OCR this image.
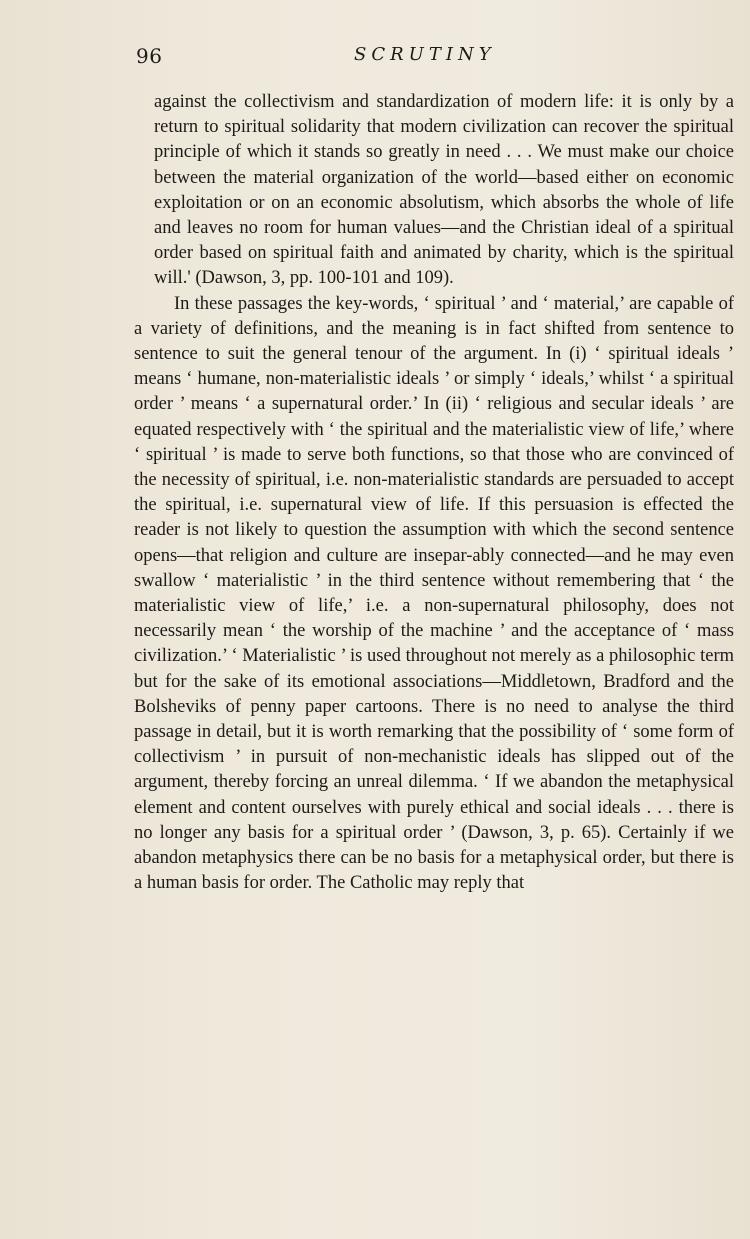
96	SCRUTINY

against the collectivism and standardization of modern life: it is only by a return to spiritual solidarity that modern civilization can recover the spiritual principle of which it stands so greatly in need . . . We must make our choice between the material organization of the world—based either on economic exploitation or on an economic absolutism, which absorbs the whole of life and leaves no room for human values—and the Christian ideal of a spiritual order based on spiritual faith and animated by charity, which is the spiritual will.' (Dawson, 3, pp. 100-101 and 109).

In these passages the key-words, ‘ spiritual ’ and ‘ material,’ are capable of a variety of definitions, and the meaning is in fact shifted from sentence to sentence to suit the general tenour of the argument. In (i) ‘ spiritual ideals ’ means ‘ humane, non-materialistic ideals ’ or simply ‘ ideals,’ whilst ‘ a spiritual order ’ means ‘ a supernatural order.’ In (ii) ‘ religious and secular ideals ’ are equated respectively with ‘ the spiritual and the materialistic view of life,’ where ‘ spiritual ’ is made to serve both functions, so that those who are convinced of the necessity of spiritual, i.e. non-materialistic standards are persuaded to accept the spiritual, i.e. supernatural view of life. If this persuasion is effected the reader is not likely to question the assumption with which the second sentence opens—that religion and culture are insepar-ably connected—and he may even swallow ‘ materialistic ’ in the third sentence without remembering that ‘ the materialistic view of life,’ i.e. a non-supernatural philosophy, does not necessarily mean ‘ the worship of the machine ’ and the acceptance of ‘ mass civilization.’ ‘ Materialistic ’ is used throughout not merely as a philosophic term but for the sake of its emotional associations—Middletown, Bradford and the Bolsheviks of penny paper cartoons. There is no need to analyse the third passage in detail, but it is worth remarking that the possibility of ‘ some form of collectivism ’ in pursuit of non-mechanistic ideals has slipped out of the argument, thereby forcing an unreal dilemma. ‘ If we abandon the metaphysical element and content ourselves with purely ethical and social ideals . . . there is no longer any basis for a spiritual order ’ (Dawson, 3, p. 65). Certainly if we abandon metaphysics there can be no basis for a metaphysical order, but there is a human basis for order. The Catholic may reply that
